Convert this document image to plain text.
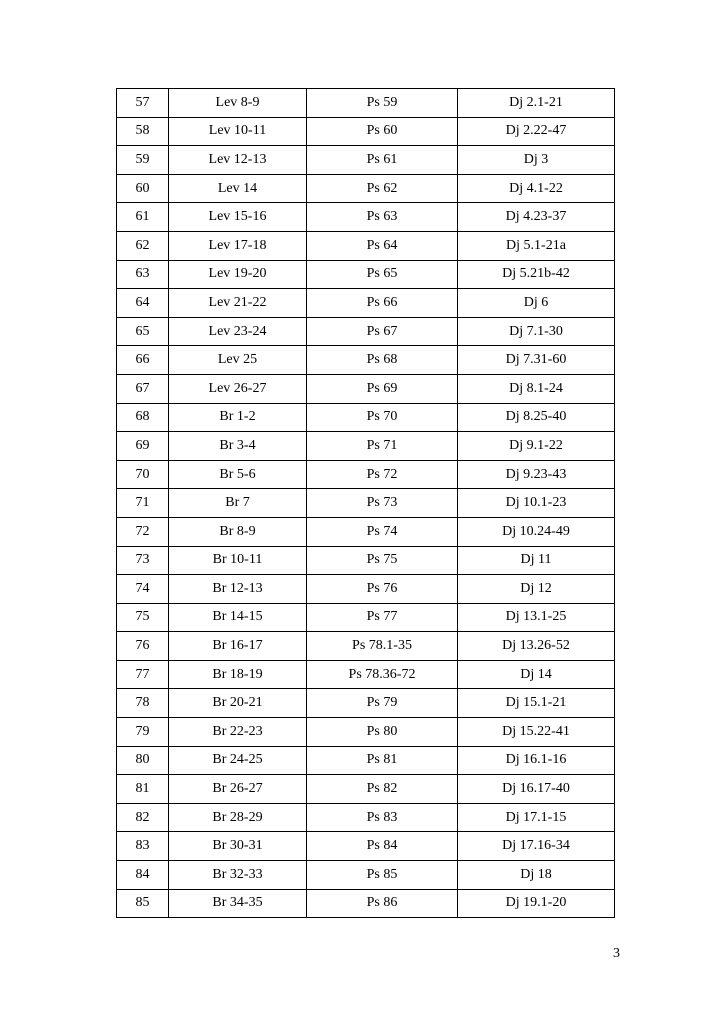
57	Lev 8-9	Ps 59	Dj 2.1-21
58	Lev 10-11	Ps 60	Dj 2.22-47
59	Lev 12-13	Ps 61	Dj 3
60	Lev 14	Ps 62	Dj 4.1-22
61	Lev 15-16	Ps 63	Dj 4.23-37
62	Lev 17-18	Ps 64	Dj 5.1-21a
63	Lev 19-20	Ps 65	Dj 5.21b-42
64	Lev 21-22	Ps 66	Dj 6
65	Lev 23-24	Ps 67	Dj 7.1-30
66	Lev 25	Ps 68	Dj 7.31-60
67	Lev 26-27	Ps 69	Dj 8.1-24
68	Br 1-2	Ps 70	Dj 8.25-40
69	Br 3-4	Ps 71	Dj 9.1-22
70	Br 5-6	Ps 72	Dj 9.23-43
71	Br 7	Ps 73	Dj 10.1-23
72	Br 8-9	Ps 74	Dj 10.24-49
73	Br 10-11	Ps 75	Dj 11
74	Br 12-13	Ps 76	Dj 12
75	Br 14-15	Ps 77	Dj 13.1-25
76	Br 16-17	Ps 78.1-35	Dj 13.26-52
77	Br 18-19	Ps 78.36-72	Dj 14
78	Br 20-21	Ps 79	Dj 15.1-21
79	Br 22-23	Ps 80	Dj 15.22-41
80	Br 24-25	Ps 81	Dj 16.1-16
81	Br 26-27	Ps 82	Dj 16.17-40
82	Br 28-29	Ps 83	Dj 17.1-15
83	Br 30-31	Ps 84	Dj 17.16-34
84	Br 32-33	Ps 85	Dj 18
85	Br 34-35	Ps 86	Dj 19.1-20
3
